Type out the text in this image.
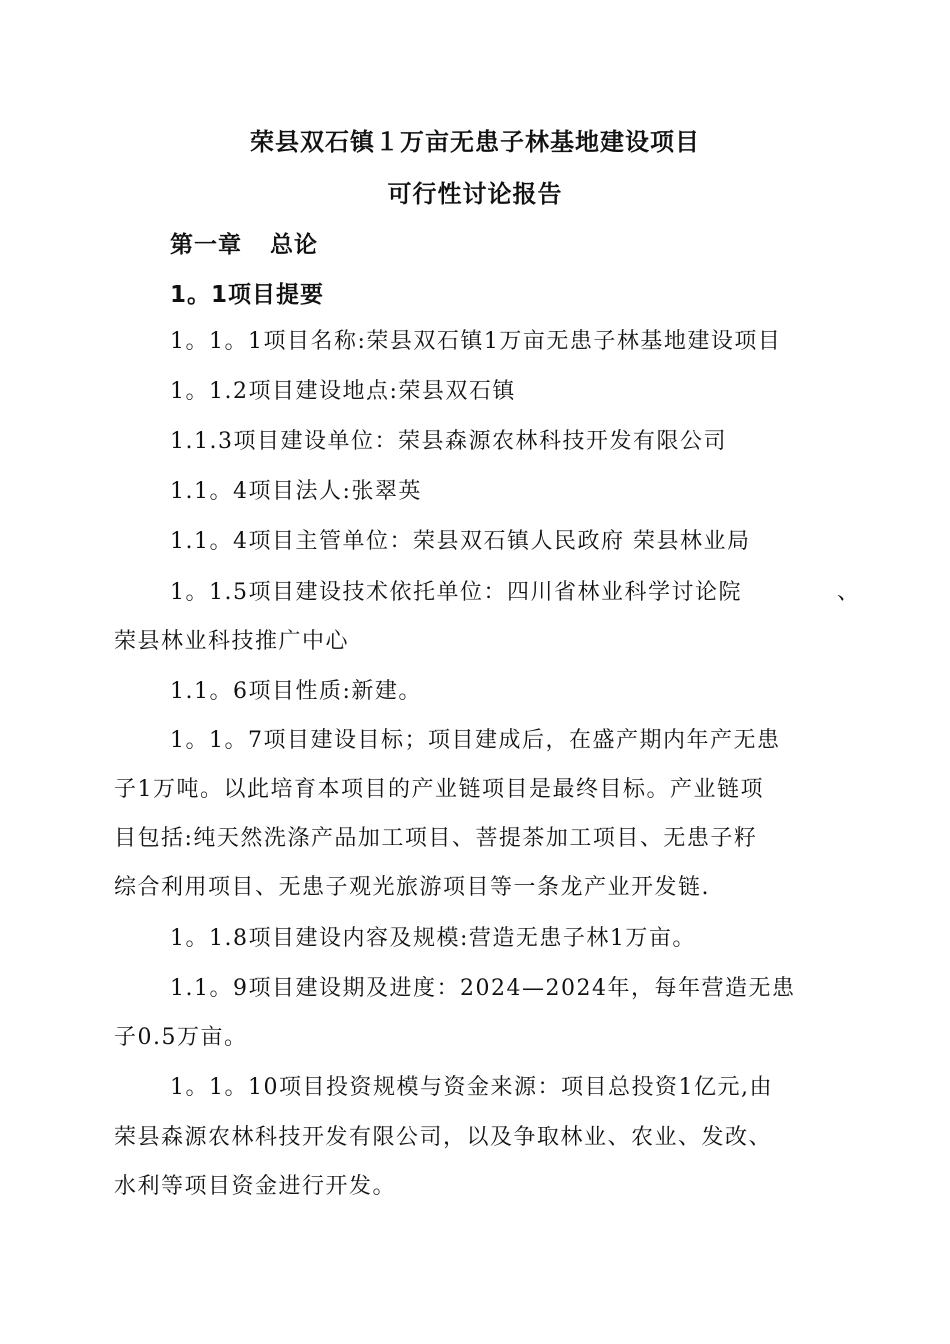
荣县双石镇１万亩无患子林基地建设项目
可行性讨论报告
第一章 总论
1。1项目提要
1。1。1项目名称:荣县双石镇1万亩无患子林基地建设项目
1。1.2项目建设地点:荣县双石镇
1.1.3项目建设单位：荣县森源农林科技开发有限公司
1.1。4项目法人:张翠英
1.1。4项目主管单位：荣县双石镇人民政府 荣县林业局
1。1.5项目建设技术依托单位：四川省林业科学讨论院	、
荣县林业科技推广中心
1.1。6项目性质:新建。
1。1。7项目建设目标；项目建成后，在盛产期内年产无患
子1万吨。以此培育本项目的产业链项目是最终目标。产业链项
目包括:纯天然洗涤产品加工项目、菩提茶加工项目、无患子籽
综合利用项目、无患子观光旅游项目等一条龙产业开发链.
1。1.8项目建设内容及规模:营造无患子林1万亩。
1.1。9项目建设期及进度：2024—2024年，每年营造无患
子0.5万亩。
1。1。10项目投资规模与资金来源：项目总投资1亿元,由
荣县森源农林科技开发有限公司，以及争取林业、农业、发改、
水利等项目资金进行开发。
